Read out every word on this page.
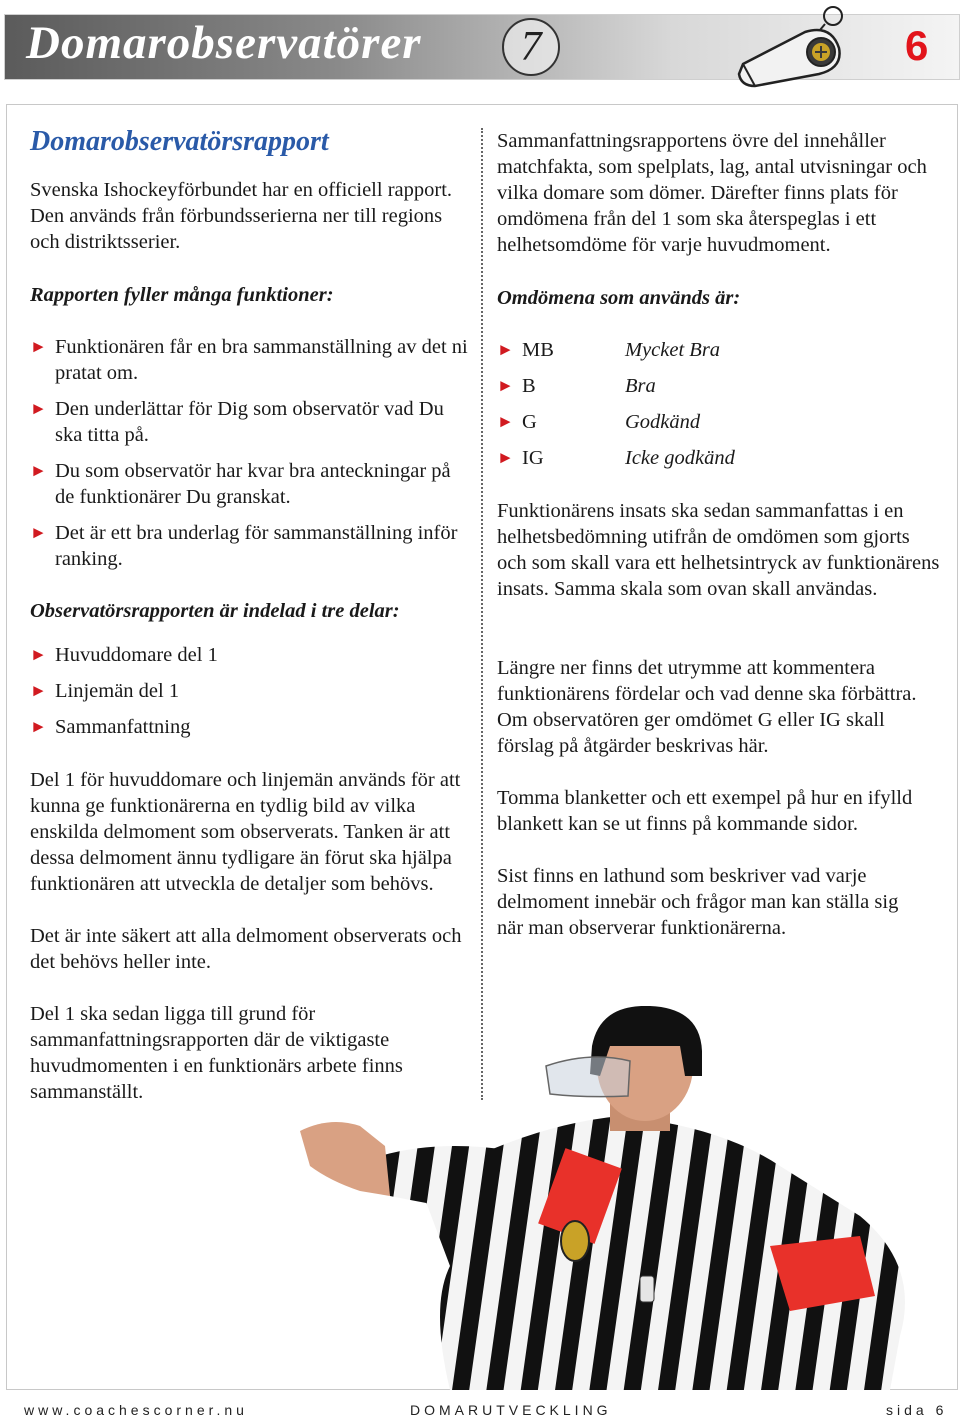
Domarobservatörer	7	6
Domarobservatörsrapport

Svenska Ishockeyförbundet har en officiell rapport. Den används från förbundsserierna ner till regions och distriktsserier.

Rapporten fyller många funktioner:
► Funktionären får en bra sammanställning av det ni pratat om.
► Den underlättar för Dig som observatör vad Du ska titta på.
► Du som observatör har kvar bra anteckningar på de funktionärer Du granskat.
► Det är ett bra underlag för sammanställning inför ranking.
Observatörsrapporten är indelad i tre delar:
► Huvuddomare del 1
► Linjemän del 1
► Sammanfattning

Del 1 för huvuddomare och linjemän används för att kunna ge funktionärerna en tydlig bild av vilka enskilda delmoment som observerats. Tanken är att dessa delmoment ännu tydligare än förut ska hjälpa funktionären att utveckla de detaljer som behövs.

Det är inte säkert att alla delmoment observerats och det behövs heller inte.

Del 1 ska sedan ligga till grund för sammanfattningsrapporten där de viktigaste huvudmomenten i en funktionärs arbete finns sammanställt.

Sammanfattningsrapportens övre del innehåller matchfakta, som spelplats, lag, antal utvisningar och vilka domare som dömer. Därefter finns plats för omdömena från del 1 som ska återspeglas i ett helhetsomdöme för varje huvudmoment.

Omdömena som används är:
► MB	Mycket Bra
► B	Bra
► G	Godkänd
► IG	Icke godkänd

Funktionärens insats ska sedan sammanfattas i en helhetsbedömning utifrån de omdömen som gjorts och som skall vara ett helhetsintryck av funktionärens insats. Samma skala som ovan skall användas.

Längre ner finns det utrymme att kommentera funktionärens fördelar och vad denne ska förbättra. Om observatören ger omdömet G eller IG skall förslag på åtgärder beskrivas här.

Tomma blanketter och ett exempel på hur en ifylld blankett kan se ut finns på kommande sidor.

Sist finns en lathund som beskriver vad varje delmoment innebär och frågor man kan ställa sig när man observerar funktionärerna.

www.coachescorner.nu	DOMARUTVECKLING	sida 6
